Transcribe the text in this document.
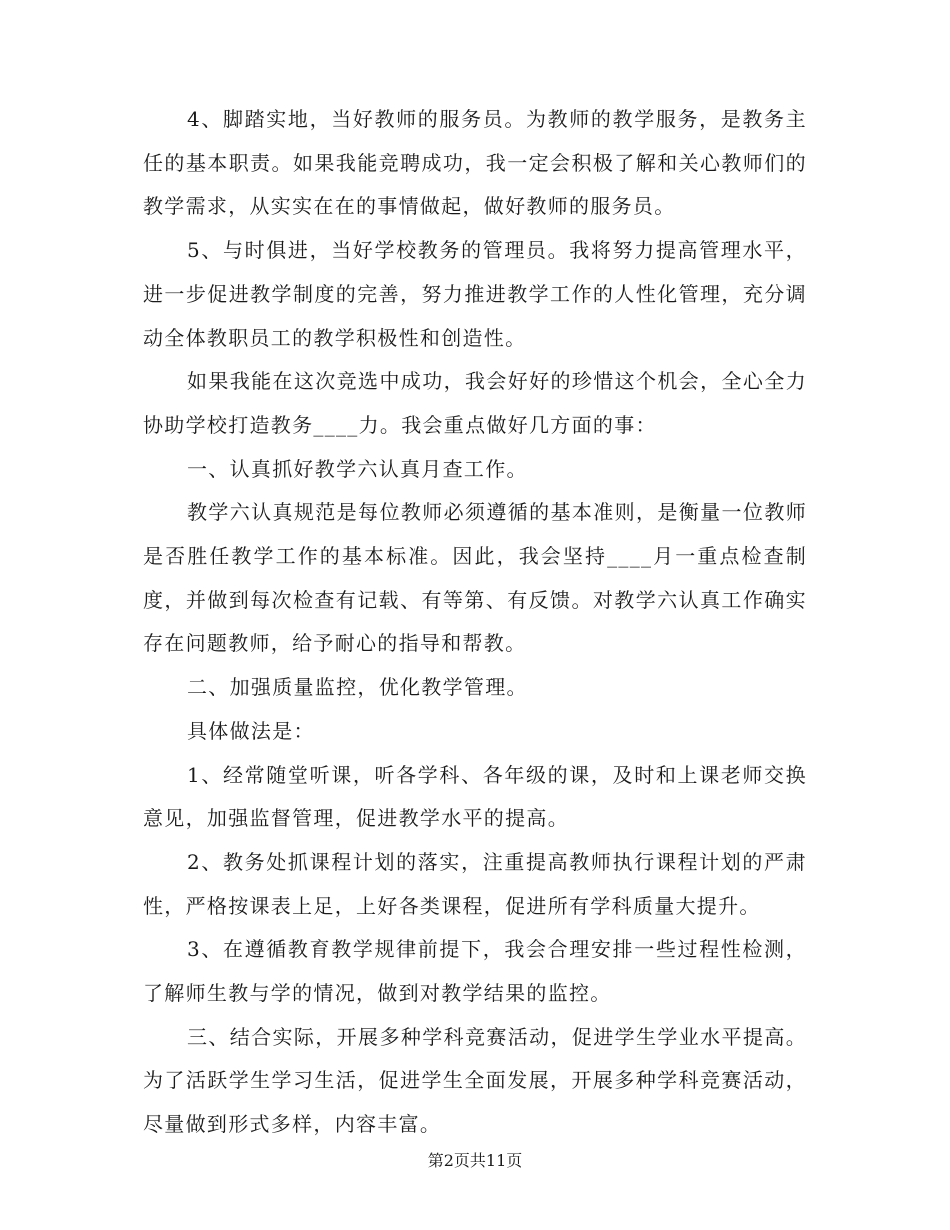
4、脚踏实地，当好教师的服务员。为教师的教学服务，是教务主任的基本职责。如果我能竞聘成功，我一定会积极了解和关心教师们的教学需求，从实实在在的事情做起，做好教师的服务员。

5、与时俱进，当好学校教务的管理员。我将努力提高管理水平，进一步促进教学制度的完善，努力推进教学工作的人性化管理，充分调动全体教职员工的教学积极性和创造性。

如果我能在这次竞选中成功，我会好好的珍惜这个机会，全心全力协助学校打造教务____力。我会重点做好几方面的事：

一、认真抓好教学六认真月查工作。

教学六认真规范是每位教师必须遵循的基本准则，是衡量一位教师是否胜任教学工作的基本标准。因此，我会坚持____月一重点检查制度，并做到每次检查有记载、有等第、有反馈。对教学六认真工作确实存在问题教师，给予耐心的指导和帮教。

二、加强质量监控，优化教学管理。

具体做法是：

1、经常随堂听课，听各学科、各年级的课，及时和上课老师交换意见，加强监督管理，促进教学水平的提高。

2、教务处抓课程计划的落实，注重提高教师执行课程计划的严肃性，严格按课表上足，上好各类课程，促进所有学科质量大提升。

3、在遵循教育教学规律前提下，我会合理安排一些过程性检测，了解师生教与学的情况，做到对教学结果的监控。

三、结合实际，开展多种学科竞赛活动，促进学生学业水平提高。为了活跃学生学习生活，促进学生全面发展，开展多种学科竞赛活动，尽量做到形式多样，内容丰富。

第2页共11页
